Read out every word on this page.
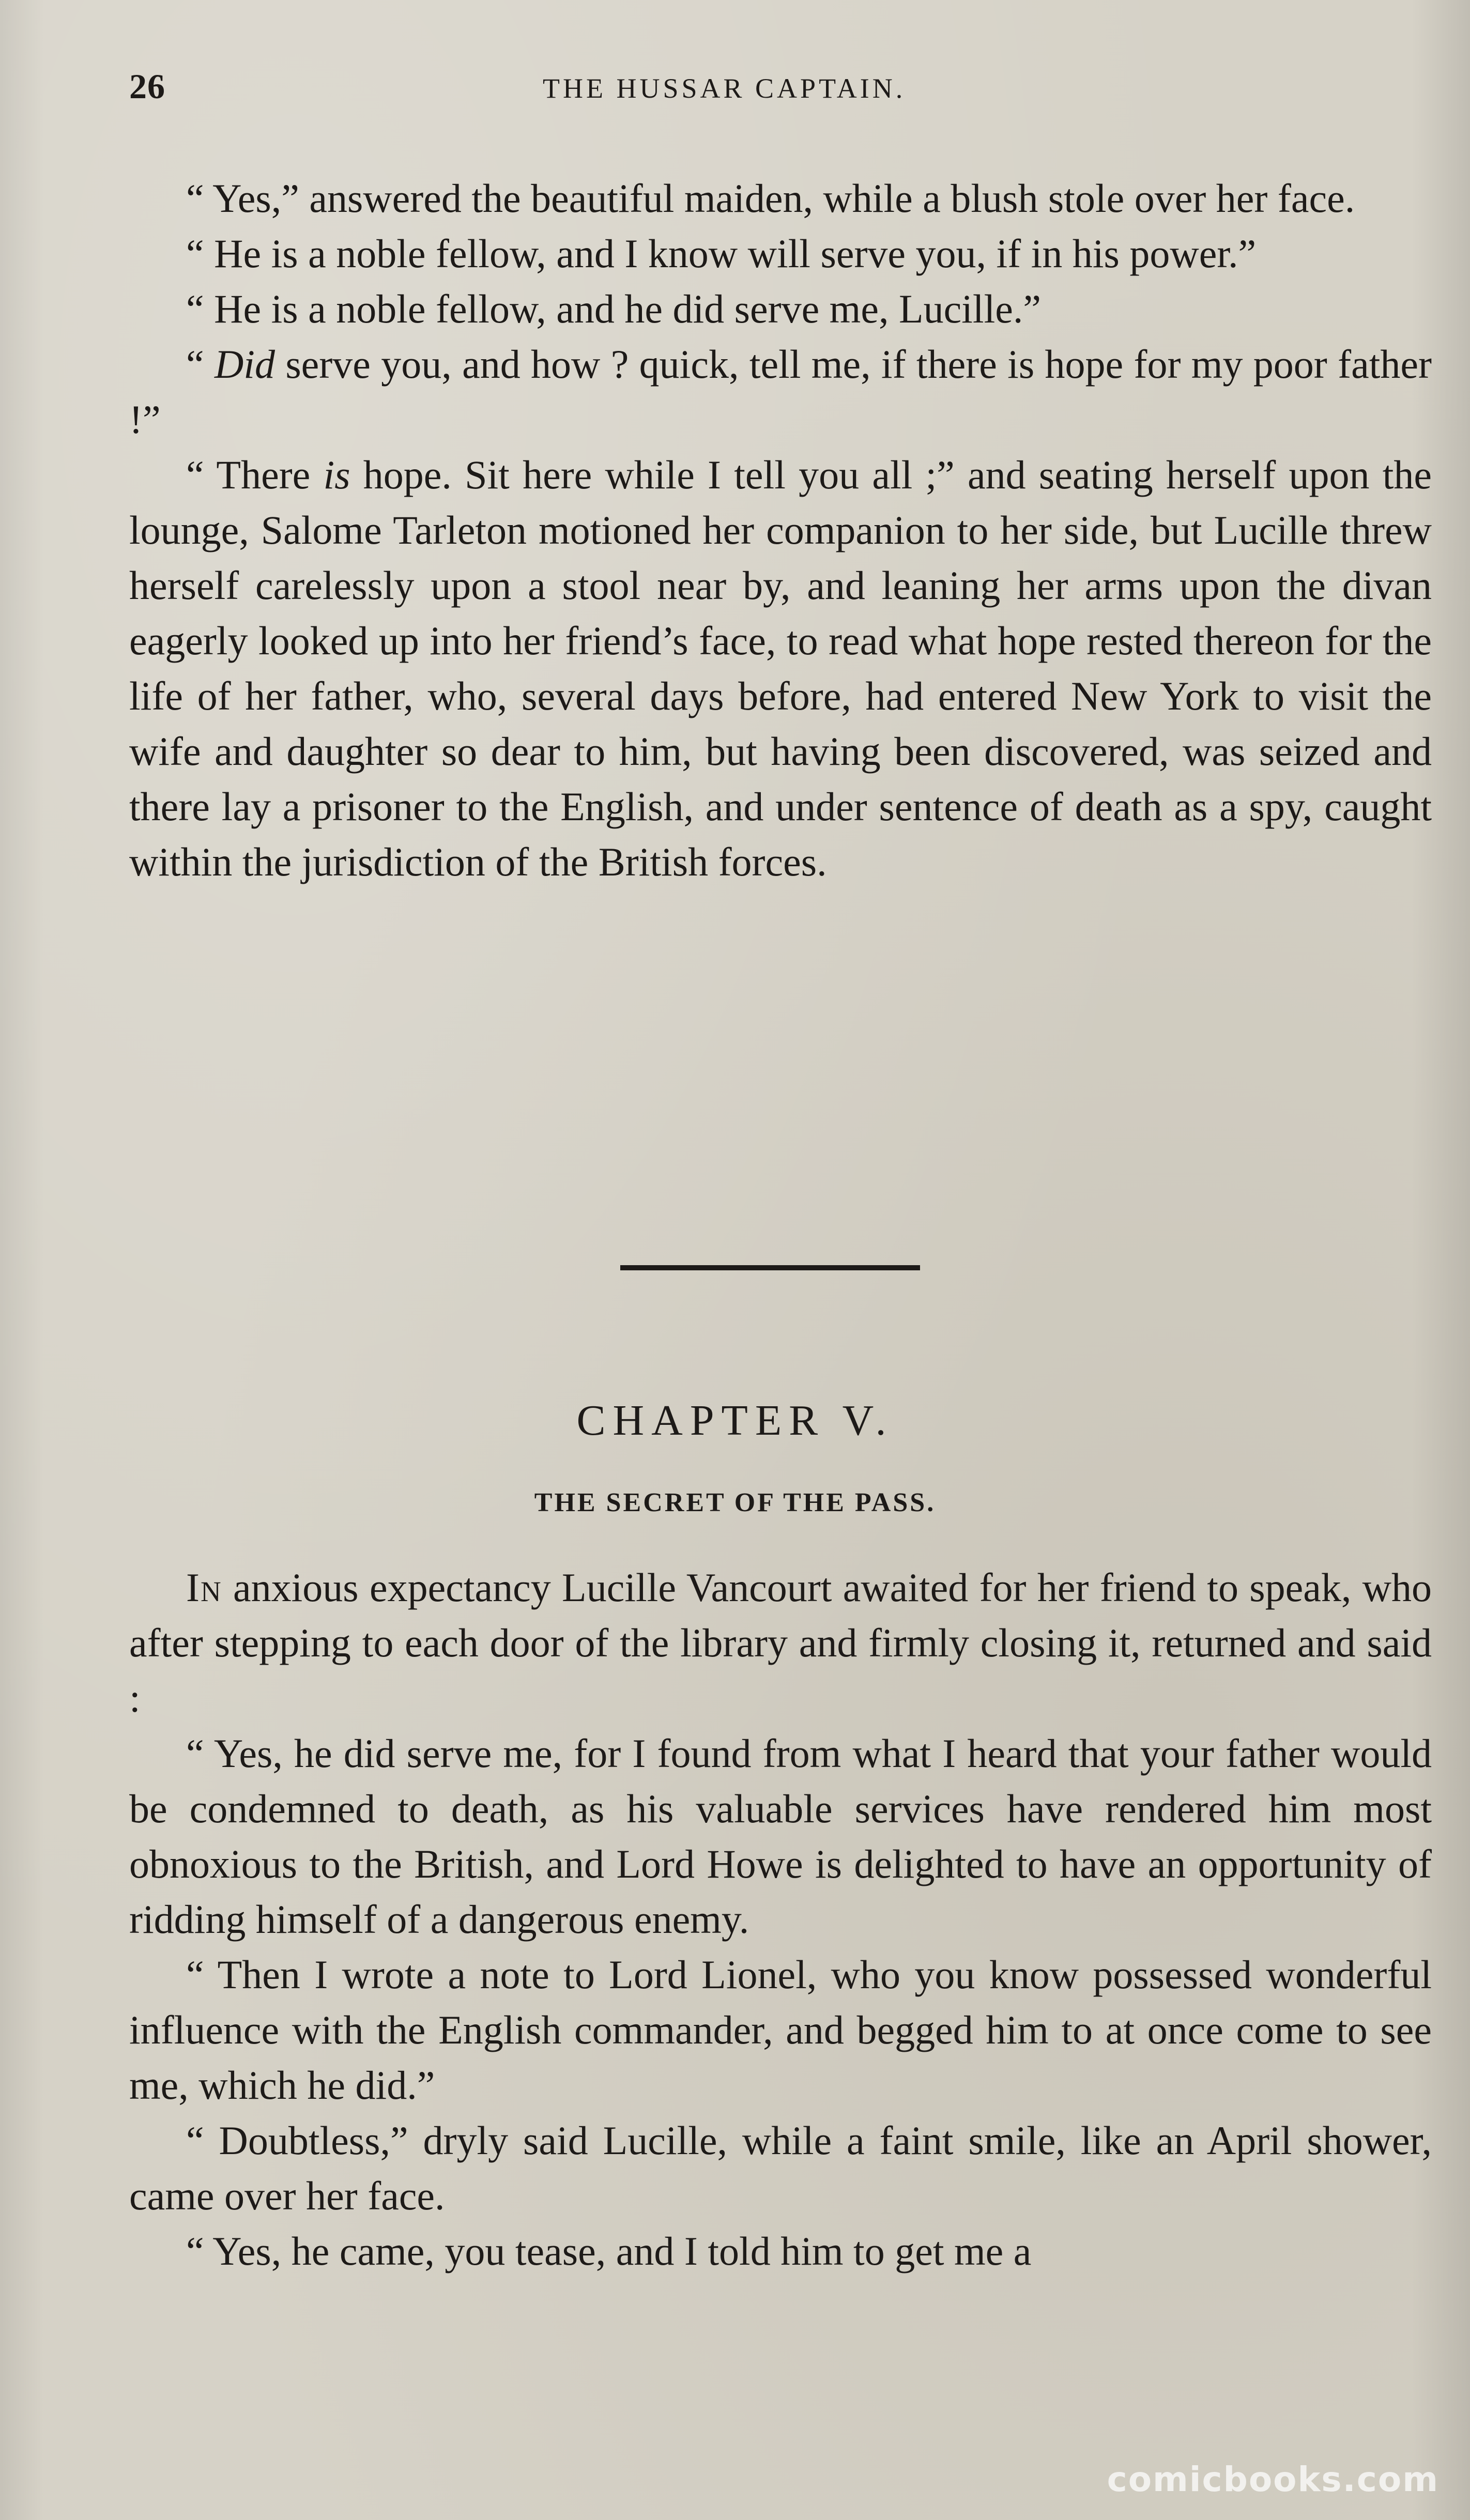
26	THE HUSSAR CAPTAIN.

“ Yes,” answered the beautiful maiden, while a blush stole over her face.

“ He is a noble fellow, and I know will serve you, if in his power.”

“ He is a noble fellow, and he did serve me, Lucille.”

“ Did serve you, and how ? quick, tell me, if there is hope for my poor father !”

“ There is hope. Sit here while I tell you all ;” and seating herself upon the lounge, Salome Tarleton motioned her companion to her side, but Lucille threw herself carelessly upon a stool near by, and leaning her arms upon the divan eagerly looked up into her friend’s face, to read what hope rested thereon for the life of her father, who, several days before, had entered New York to visit the wife and daughter so dear to him, but having been discovered, was seized and there lay a prisoner to the English, and under sentence of death as a spy, caught within the jurisdiction of the British forces.

CHAPTER V.
THE SECRET OF THE PASS.

In anxious expectancy Lucille Vancourt awaited for her friend to speak, who after stepping to each door of the library and firmly closing it, returned and said :

“ Yes, he did serve me, for I found from what I heard that your father would be condemned to death, as his valuable services have rendered him most obnoxious to the British, and Lord Howe is delighted to have an opportunity of ridding himself of a dangerous enemy.

“ Then I wrote a note to Lord Lionel, who you know possessed wonderful influence with the English commander, and begged him to at once come to see me, which he did.”

“ Doubtless,” dryly said Lucille, while a faint smile, like an April shower, came over her face.

“ Yes, he came, you tease, and I told him to get me a

comicbooks.com
